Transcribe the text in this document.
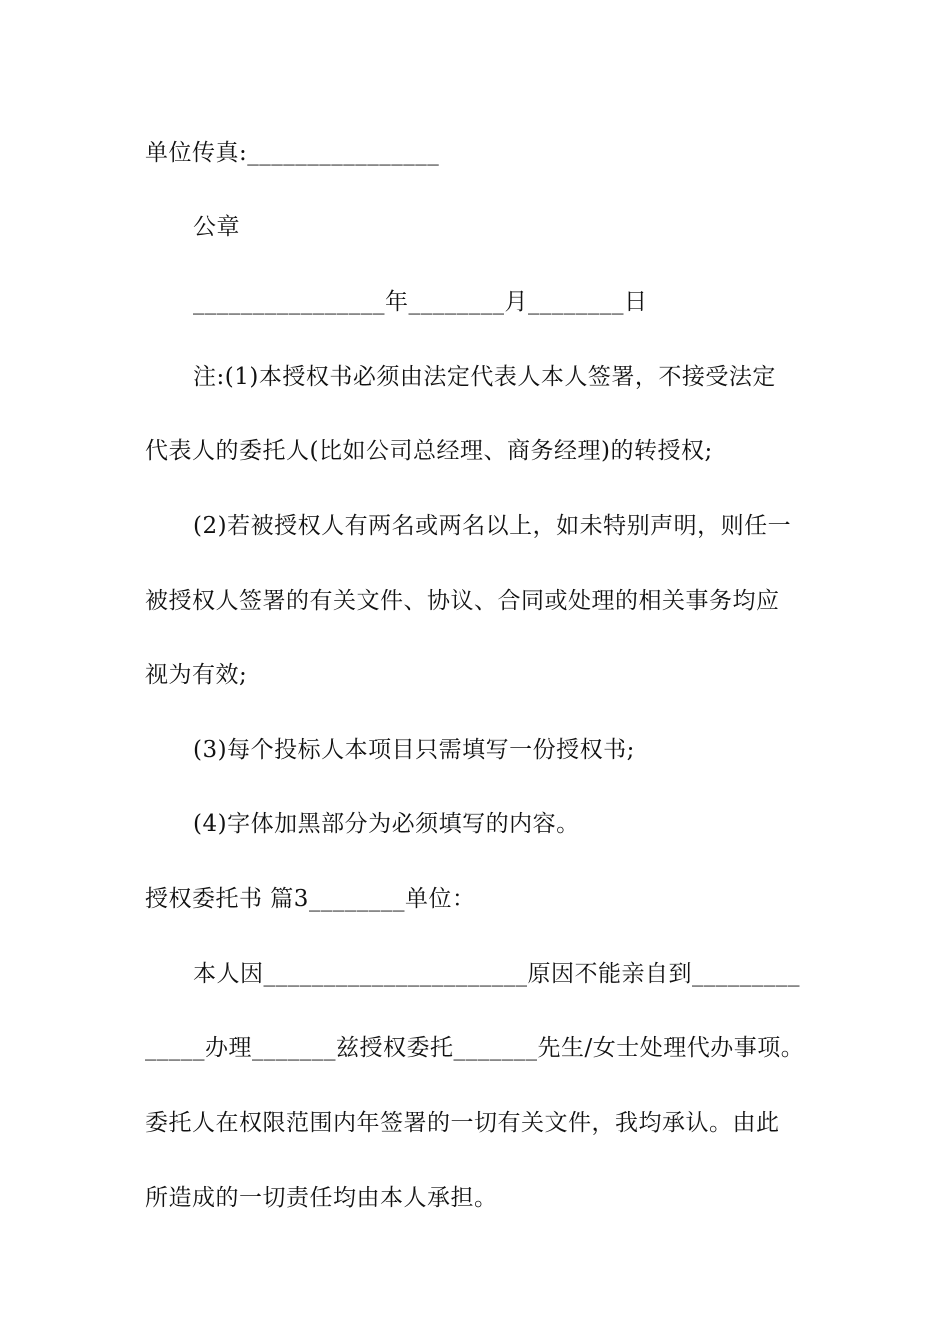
单位传真:________________
公章
________________年________月________日
注:(1)本授权书必须由法定代表人本人签署，不接受法定
代表人的委托人(比如公司总经理、商务经理)的转授权;
(2)若被授权人有两名或两名以上，如未特别声明，则任一
被授权人签署的有关文件、协议、合同或处理的相关事务均应
视为有效;
(3)每个投标人本项目只需填写一份授权书;
(4)字体加黑部分为必须填写的内容。
授权委托书 篇3________单位：
本人因______________________原因不能亲自到_________
_____办理_______兹授权委托_______先生/女士处理代办事项。
委托人在权限范围内年签署的一切有关文件，我均承认。由此
所造成的一切责任均由本人承担。
